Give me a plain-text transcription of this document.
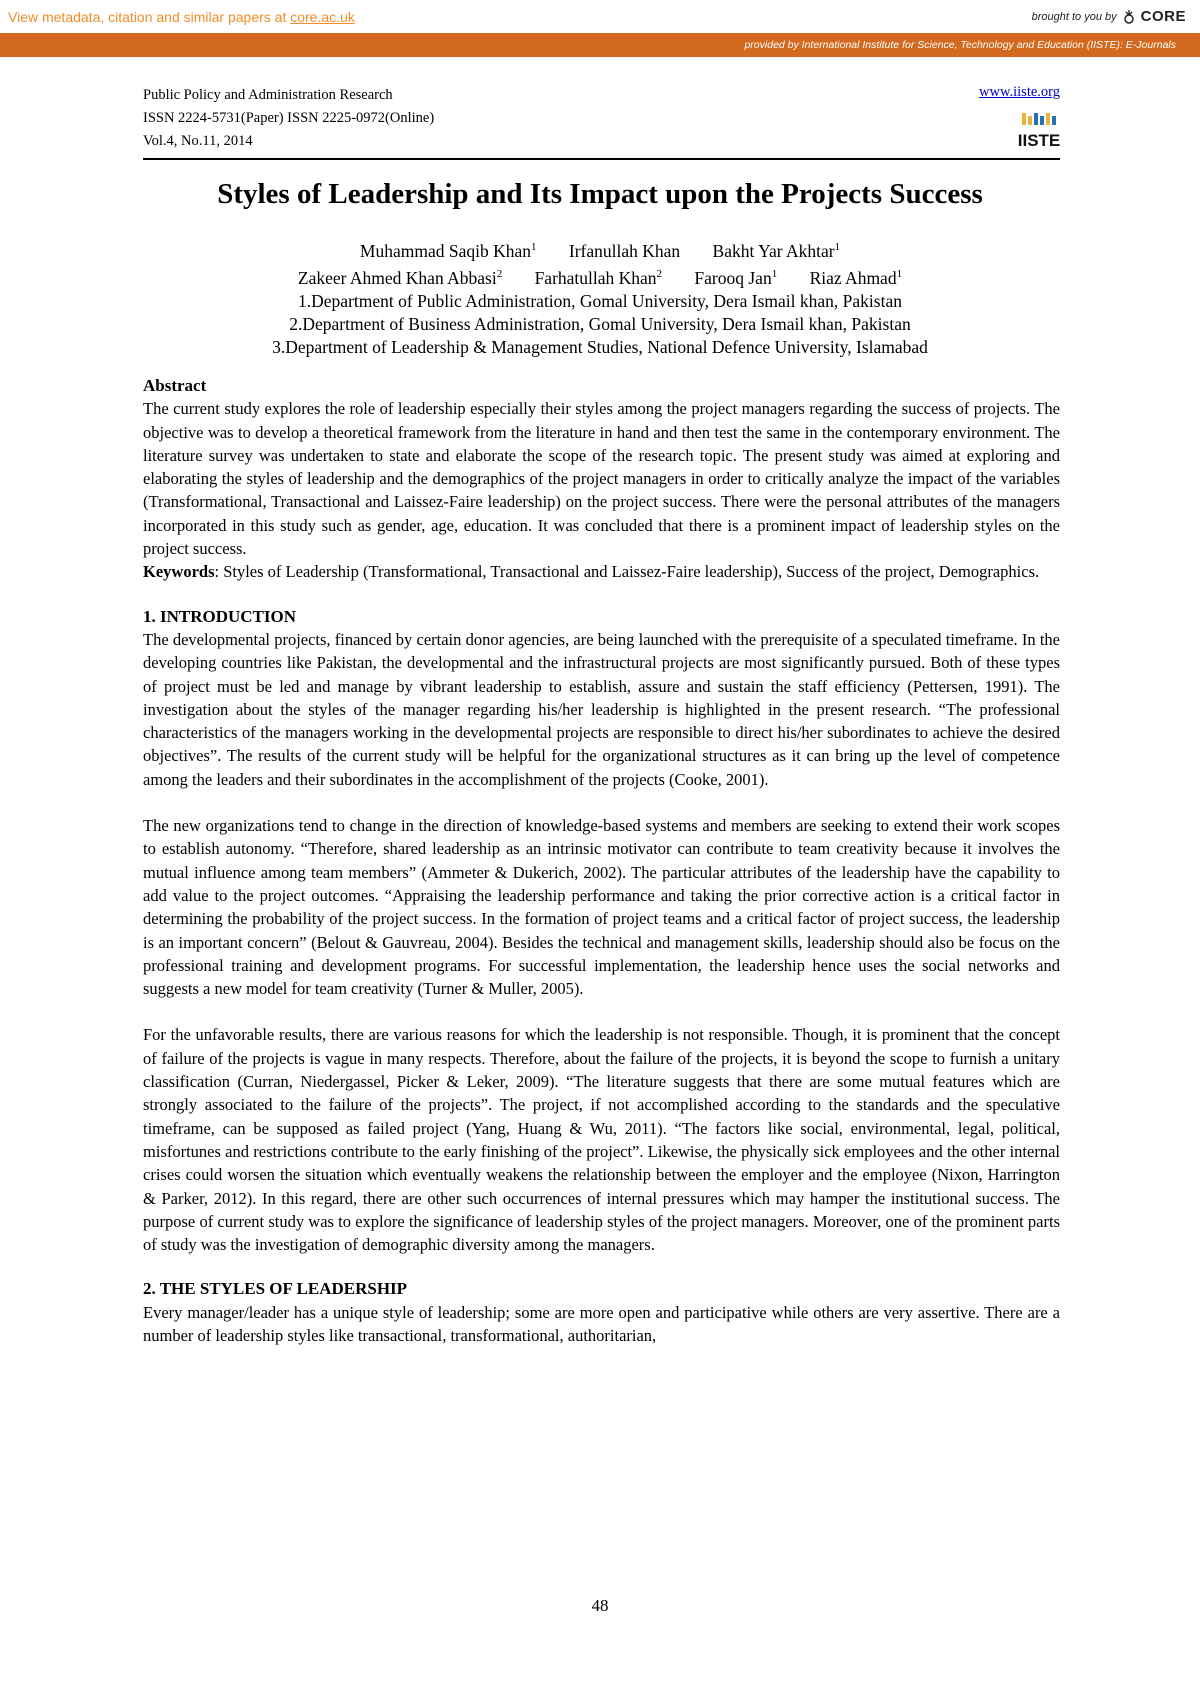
View metadata, citation and similar papers at core.ac.uk	brought to you by CORE
provided by International Institute for Science, Technology and Education (IISTE): E-Journals
Public Policy and Administration Research
ISSN 2224-5731(Paper) ISSN 2225-0972(Online)
Vol.4, No.11, 2014
www.iiste.org
IISTE
Styles of Leadership and Its Impact upon the Projects Success
Muhammad Saqib Khan$^1$ Irfanullah Khan Bakht Yar Akhtar$^1$
Zakeer Ahmed Khan Abbasi$^2$ Farhatullah Khan$^2$ Farooq Jan$^1$ Riaz Ahmad$^1$
1.Department of Public Administration, Gomal University, Dera Ismail khan, Pakistan
2.Department of Business Administration, Gomal University, Dera Ismail khan, Pakistan
3.Department of Leadership & Management Studies, National Defence University, Islamabad
Abstract

The current study explores the role of leadership especially their styles among the project managers regarding the success of projects. The objective was to develop a theoretical framework from the literature in hand and then test the same in the contemporary environment. The literature survey was undertaken to state and elaborate the scope of the research topic. The present study was aimed at exploring and elaborating the styles of leadership and the demographics of the project managers in order to critically analyze the impact of the variables (Transformational, Transactional and Laissez-Faire leadership) on the project success. There were the personal attributes of the managers incorporated in this study such as gender, age, education. It was concluded that there is a prominent impact of leadership styles on the project success.

Keywords: Styles of Leadership (Transformational, Transactional and Laissez-Faire leadership), Success of the project, Demographics.

1. INTRODUCTION

The developmental projects, financed by certain donor agencies, are being launched with the prerequisite of a speculated timeframe. In the developing countries like Pakistan, the developmental and the infrastructural projects are most significantly pursued. Both of these types of project must be led and manage by vibrant leadership to establish, assure and sustain the staff efficiency (Pettersen, 1991). The investigation about the styles of the manager regarding his/her leadership is highlighted in the present research. “The professional characteristics of the managers working in the developmental projects are responsible to direct his/her subordinates to achieve the desired objectives”. The results of the current study will be helpful for the organizational structures as it can bring up the level of competence among the leaders and their subordinates in the accomplishment of the projects (Cooke, 2001).

The new organizations tend to change in the direction of knowledge-based systems and members are seeking to extend their work scopes to establish autonomy. “Therefore, shared leadership as an intrinsic motivator can contribute to team creativity because it involves the mutual influence among team members” (Ammeter & Dukerich, 2002). The particular attributes of the leadership have the capability to add value to the project outcomes. “Appraising the leadership performance and taking the prior corrective action is a critical factor in determining the probability of the project success. In the formation of project teams and a critical factor of project success, the leadership is an important concern” (Belout & Gauvreau, 2004). Besides the technical and management skills, leadership should also be focus on the professional training and development programs. For successful implementation, the leadership hence uses the social networks and suggests a new model for team creativity (Turner & Muller, 2005).

For the unfavorable results, there are various reasons for which the leadership is not responsible. Though, it is prominent that the concept of failure of the projects is vague in many respects. Therefore, about the failure of the projects, it is beyond the scope to furnish a unitary classification (Curran, Niedergassel, Picker & Leker, 2009). “The literature suggests that there are some mutual features which are strongly associated to the failure of the projects”. The project, if not accomplished according to the standards and the speculative timeframe, can be supposed as failed project (Yang, Huang & Wu, 2011). “The factors like social, environmental, legal, political, misfortunes and restrictions contribute to the early finishing of the project”. Likewise, the physically sick employees and the other internal crises could worsen the situation which eventually weakens the relationship between the employer and the employee (Nixon, Harrington & Parker, 2012). In this regard, there are other such occurrences of internal pressures which may hamper the institutional success. The purpose of current study was to explore the significance of leadership styles of the project managers. Moreover, one of the prominent parts of study was the investigation of demographic diversity among the managers.

2. THE STYLES OF LEADERSHIP

Every manager/leader has a unique style of leadership; some are more open and participative while others are very assertive. There are a number of leadership styles like transactional, transformational, authoritarian,

48
